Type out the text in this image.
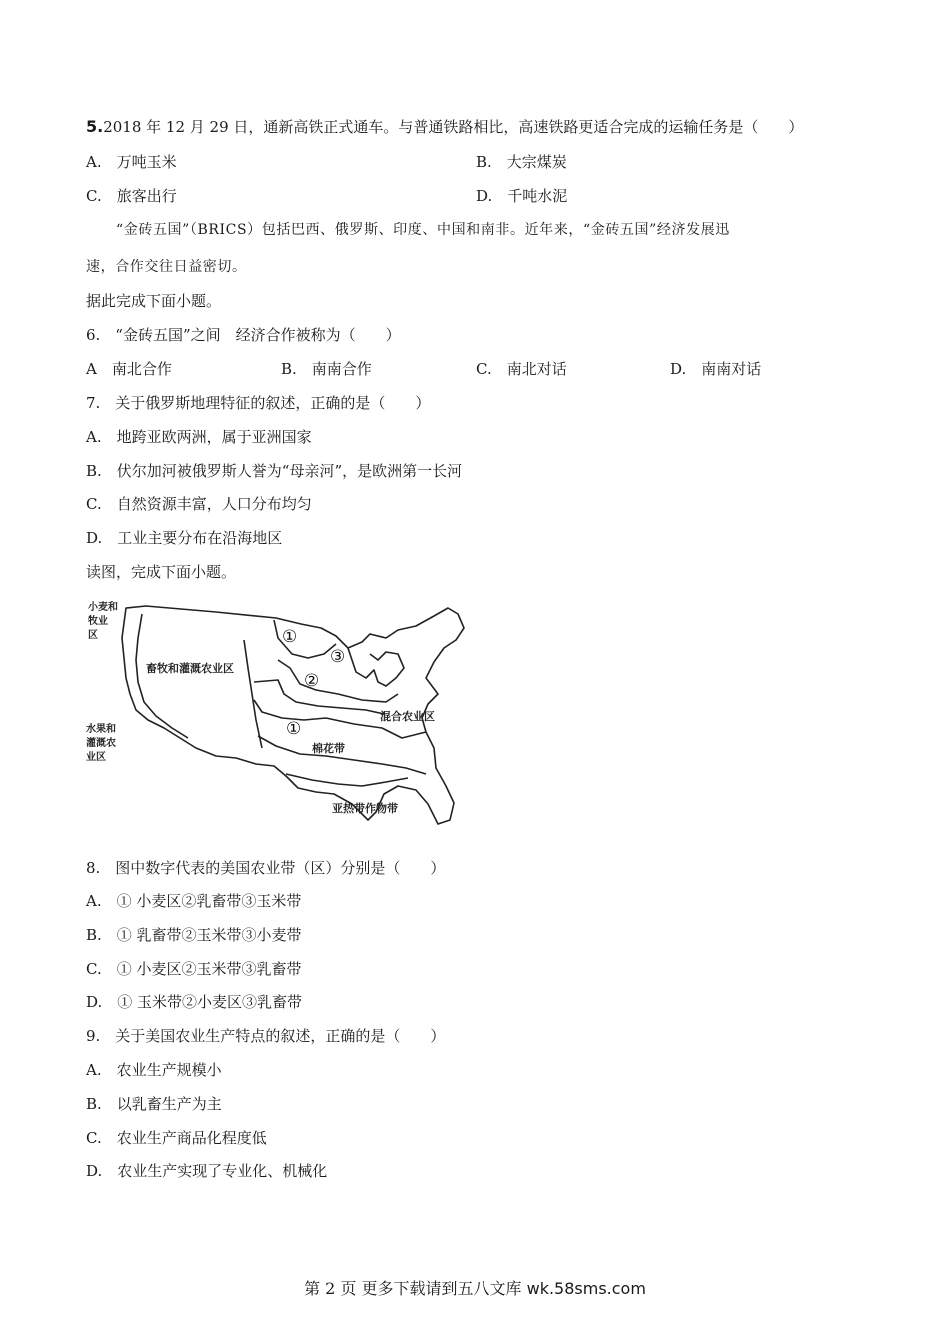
5.2018 年 12 月 29 日，通新高铁正式通车。与普通铁路相比，高速铁路更适合完成的运输任务是（　　）
A.　万吨玉米	B.　大宗煤炭
C.　旅客出行	D.　千吨水泥
“金砖五国”（BRICS）包括巴西、俄罗斯、印度、中国和南非。近年来，“金砖五国”经济发展迅
速，合作交往日益密切。
据此完成下面小题。
6.　“金砖五国”之间　经济合作被称为（　　）
A　南北合作	B.　南南合作	C.　南北对话	D.　南南对话
7.　关于俄罗斯地理特征的叙述，正确的是（　　）
A.　地跨亚欧两洲，属于亚洲国家
B.　伏尔加河被俄罗斯人誉为“母亲河”，是欧洲第一长河
C.　自然资源丰富，人口分布均匀
D.　工业主要分布在沿海地区
读图，完成下面小题。
小麦和
牧业
区
畜牧和灌溉农业区
混合农业区
棉花带
亚热带作物带
水果和
灌溉农
业区
①
③
②
①
8.　图中数字代表的美国农业带（区）分别是（　　）
A.　① 小麦区②乳畜带③玉米带
B.　① 乳畜带②玉米带③小麦带
C.　① 小麦区②玉米带③乳畜带
D.　① 玉米带②小麦区③乳畜带
9.　关于美国农业生产特点的叙述，正确的是（　　）
A.　农业生产规模小
B.　以乳畜生产为主
C.　农业生产商品化程度低
D.　农业生产实现了专业化、机械化
第 2 页 更多下载请到五八文库 wk.58sms.com
